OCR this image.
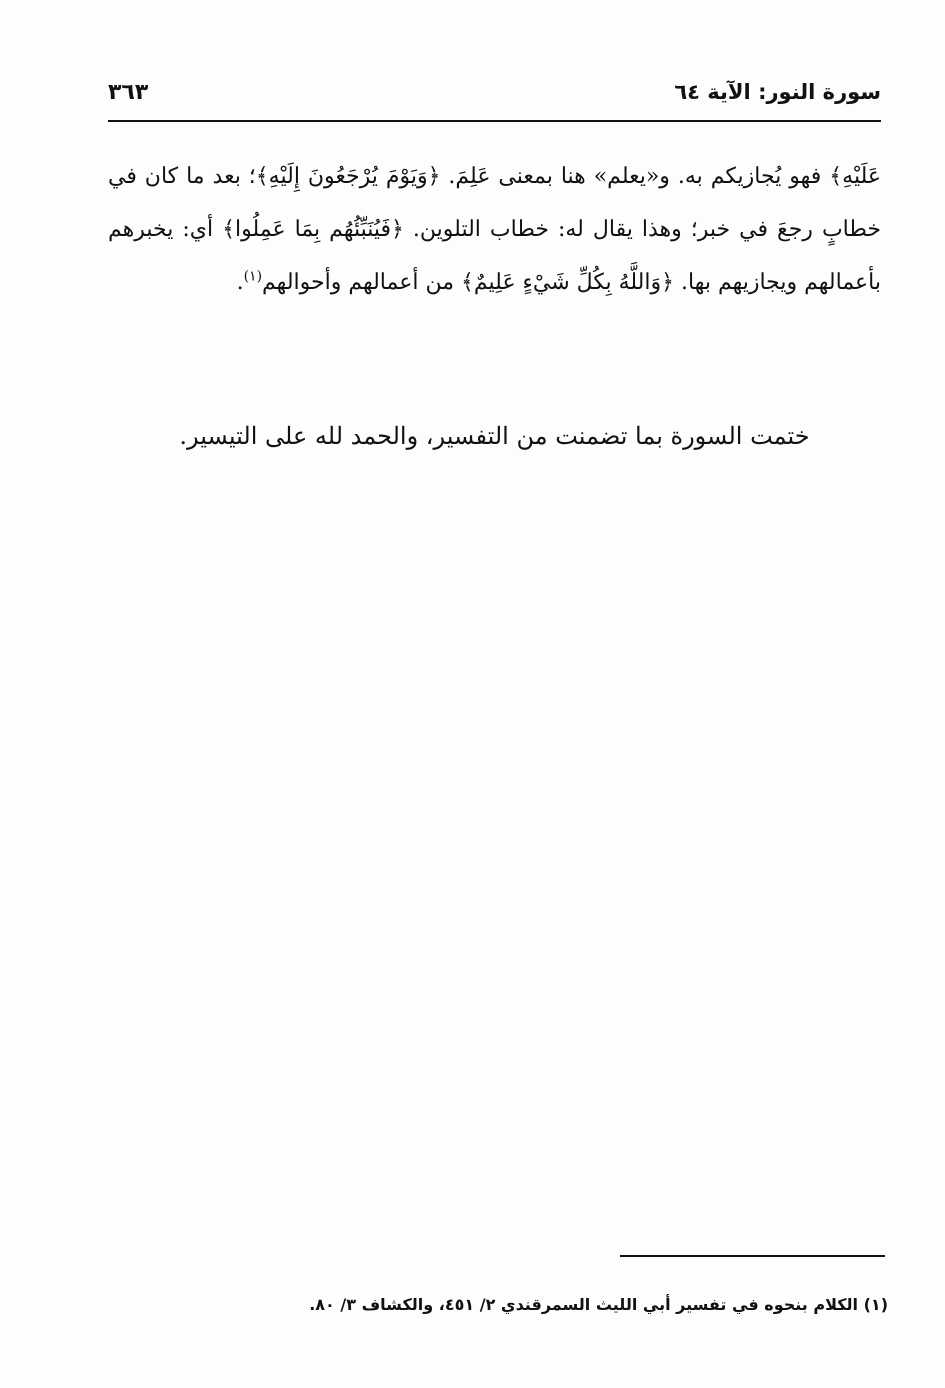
سورة النور: الآية ٦٤
٣٦٣
عَلَيْهِ﴾ فهو يُجازيكم به. و«يعلم» هنا بمعنى عَلِمَ. ﴿وَيَوْمَ يُرْجَعُونَ إِلَيْهِ﴾؛ بعد ما كان في خطابٍ رجعَ في خبر؛ وهذا يقال له: خطاب التلوين. ﴿فَيُنَبِّئُهُم بِمَا عَمِلُوا﴾ أي: يخبرهم بأعمالهم ويجازيهم بها. ﴿وَاللَّهُ بِكُلِّ شَيْءٍ عَلِيمٌ﴾ من أعمالهم وأحوالهم$^{(١)}$.
ختمت السورة بما تضمنت من التفسير، والحمد لله على التيسير.
(١) الكلام بنحوه في تفسير أبي الليث السمرقندي ٢/ ٤٥١، والكشاف ٣/ ٨٠.
